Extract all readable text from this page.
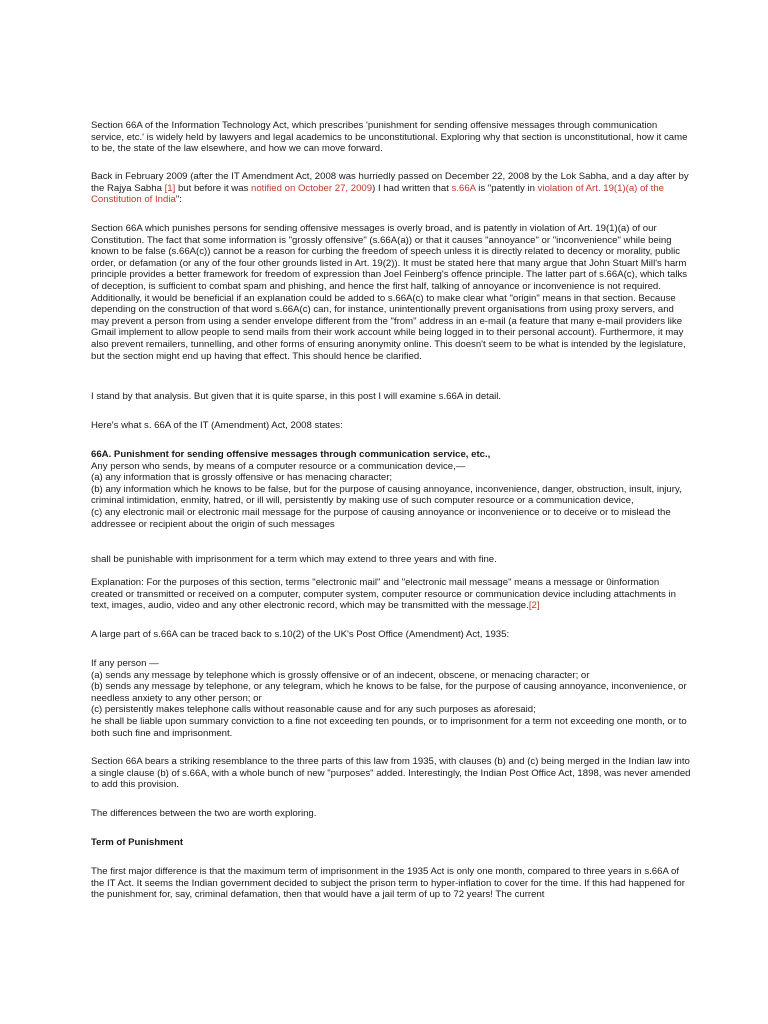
Section 66A of the Information Technology Act, which prescribes 'punishment for sending offensive messages through communication service, etc.' is widely held by lawyers and legal academics to be unconstitutional. Exploring why that section is unconstitutional, how it came to be, the state of the law elsewhere, and how we can move forward.

Back in February 2009 (after the IT Amendment Act, 2008 was hurriedly passed on December 22, 2008 by the Lok Sabha, and a day after by the Rajya Sabha [1] but before it was notified on October 27, 2009) I had written that s.66A is "patently in violation of Art. 19(1)(a) of the Constitution of India":

Section 66A which punishes persons for sending offensive messages is overly broad, and is patently in violation of Art. 19(1)(a) of our Constitution. The fact that some information is "grossly offensive" (s.66A(a)) or that it causes "annoyance" or "inconvenience" while being known to be false (s.66A(c)) cannot be a reason for curbing the freedom of speech unless it is directly related to decency or morality, public order, or defamation (or any of the four other grounds listed in Art. 19(2)). It must be stated here that many argue that John Stuart Mill's harm principle provides a better framework for freedom of expression than Joel Feinberg's offence principle. The latter part of s.66A(c), which talks of deception, is sufficient to combat spam and phishing, and hence the first half, talking of annoyance or inconvenience is not required. Additionally, it would be beneficial if an explanation could be added to s.66A(c) to make clear what "origin" means in that section. Because depending on the construction of that word s.66A(c) can, for instance, unintentionally prevent organisations from using proxy servers, and may prevent a person from using a sender envelope different from the "from" address in an e-mail (a feature that many e-mail providers like Gmail implement to allow people to send mails from their work account while being logged in to their personal account). Furthermore, it may also prevent remailers, tunnelling, and other forms of ensuring anonymity online. This doesn't seem to be what is intended by the legislature, but the section might end up having that effect. This should hence be clarified.

I stand by that analysis. But given that it is quite sparse, in this post I will examine s.66A in detail.

Here's what s. 66A of the IT (Amendment) Act, 2008 states:

66A. Punishment for sending offensive messages through communication service, etc.,
Any person who sends, by means of a computer resource or a communication device,—
(a) any information that is grossly offensive or has menacing character;
(b) any information which he knows to be false, but for the purpose of causing annoyance, inconvenience, danger, obstruction, insult, injury, criminal intimidation, enmity, hatred, or ill will, persistently by making use of such computer resource or a communication device,
(c) any electronic mail or electronic mail message for the purpose of causing annoyance or inconvenience or to deceive or to mislead the addressee or recipient about the origin of such messages

shall be punishable with imprisonment for a term which may extend to three years and with fine.

Explanation: For the purposes of this section, terms "electronic mail" and "electronic mail message" means a message or 0information created or transmitted or received on a computer, computer system, computer resource or communication device including attachments in text, images, audio, video and any other electronic record, which may be transmitted with the message.[2]

A large part of s.66A can be traced back to s.10(2) of the UK's Post Office (Amendment) Act, 1935:

If any person —
(a) sends any message by telephone which is grossly offensive or of an indecent, obscene, or menacing character; or
(b) sends any message by telephone, or any telegram, which he knows to be false, for the purpose of causing annoyance, inconvenience, or needless anxiety to any other person; or
(c) persistently makes telephone calls without reasonable cause and for any such purposes as aforesaid;
he shall be liable upon summary conviction to a fine not exceeding ten pounds, or to imprisonment for a term not exceeding one month, or to both such fine and imprisonment.

Section 66A bears a striking resemblance to the three parts of this law from 1935, with clauses (b) and (c) being merged in the Indian law into a single clause (b) of s.66A, with a whole bunch of new "purposes" added. Interestingly, the Indian Post Office Act, 1898, was never amended to add this provision.

The differences between the two are worth exploring.

Term of Punishment

The first major difference is that the maximum term of imprisonment in the 1935 Act is only one month, compared to three years in s.66A of the IT Act. It seems the Indian government decided to subject the prison term to hyper-inflation to cover for the time. If this had happened for the punishment for, say, criminal defamation, then that would have a jail term of up to 72 years! The current
